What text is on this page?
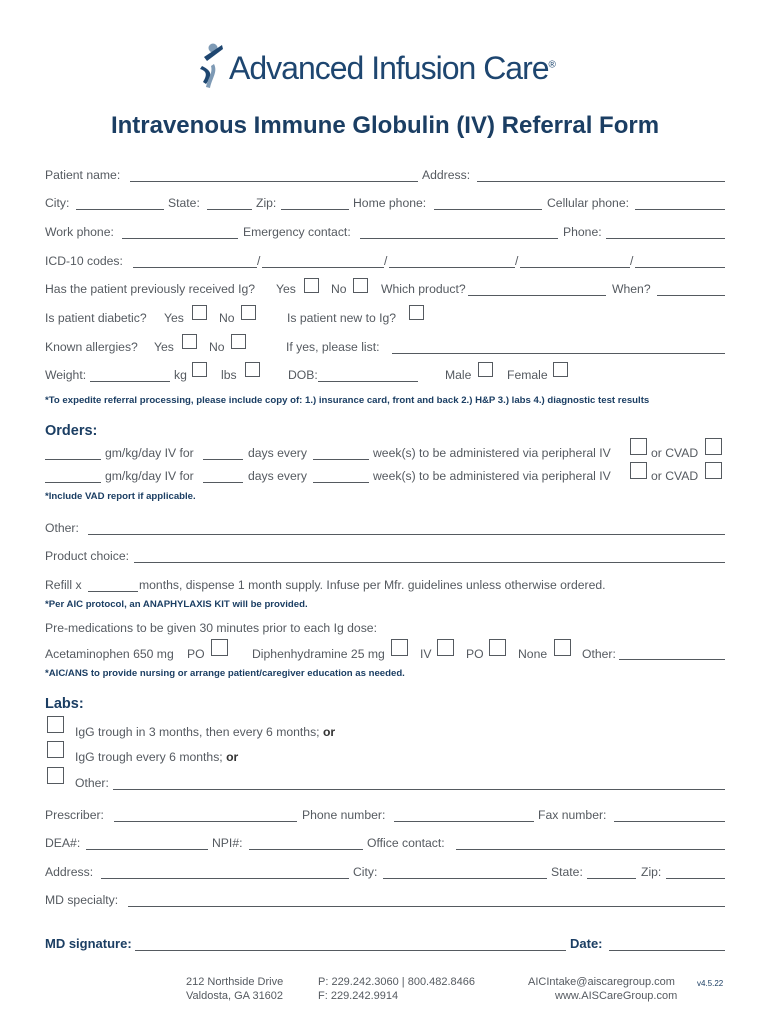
Advanced Infusion Care®
Intravenous Immune Globulin (IV) Referral Form
Patient name:	Address:
City:	State:	Zip:	Home phone:	Cellular phone:
Work phone:	Emergency contact:	Phone:
ICD-10 codes:	/	/	/	/
Has the patient previously received Ig? Yes	No	Which product?	When?
Is patient diabetic? Yes	No	Is patient new to Ig?
Known allergies? Yes	No	If yes, please list:
Weight:	kg	lbs	DOB:	Male	Female
*To expedite referral processing, please include copy of: 1.) insurance card, front and back 2.) H&P 3.) labs 4.) diagnostic test results
Orders:
gm/kg/day IV for	days every	week(s) to be administered via peripheral IV	or CVAD
gm/kg/day IV for	days every	week(s) to be administered via peripheral IV	or CVAD
*Include VAD report if applicable.
Other:
Product choice:
Refill x	months, dispense 1 month supply. Infuse per Mfr. guidelines unless otherwise ordered.
*Per AIC protocol, an ANAPHYLAXIS KIT will be provided.
Pre-medications to be given 30 minutes prior to each Ig dose:
Acetaminophen 650 mg PO	Diphenhydramine 25 mg	IV	PO	None	Other:
*AIC/ANS to provide nursing or arrange patient/caregiver education as needed.
Labs:
IgG trough in 3 months, then every 6 months; or
IgG trough every 6 months; or
Other:
Prescriber:	Phone number:	Fax number:
DEA#:	NPI#:	Office contact:
Address:	City:	State:	Zip:
MD specialty:
MD signature:	Date:
212 Northside Drive
Valdosta, GA 31602
P: 229.242.3060 | 800.482.8466
F: 229.242.9914
AICIntake@aiscaregroup.com
www.AISCareGroup.com
v4.5.22
